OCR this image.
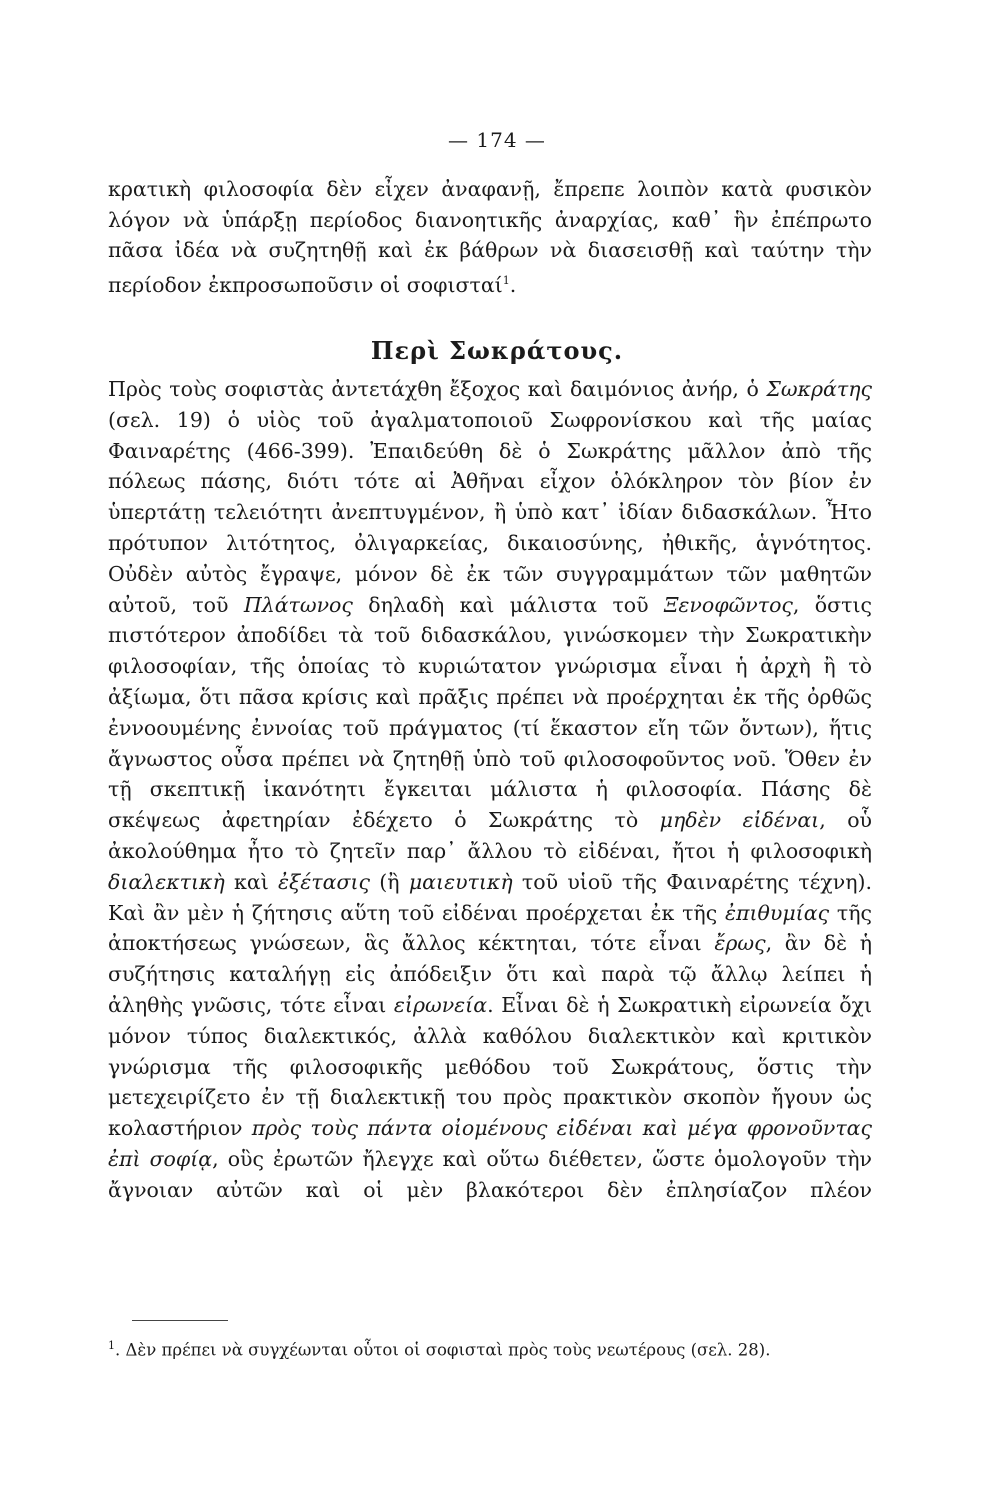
— 174 —

κρατικὴ φιλοσοφία δὲν εἶχεν ἀναφανῇ, ἔπρεπε λοιπὸν κατὰ φυσικὸν λόγον νὰ ὑπάρξῃ περίοδος διανοητικῆς ἀναρχίας, καθ᾽ ἣν ἐπέπρωτο πᾶσα ἰδέα νὰ συζητηθῇ καὶ ἐκ βάθρων νὰ διασεισθῇ καὶ ταύτην τὴν
περίοδον ἐκπροσωποῦσιν οἱ σοφισταί$^1$.

Περὶ Σωκράτους.

Πρὸς τοὺς σοφιστὰς ἀντετάχθη ἔξοχος καὶ δαιμόνιος ἀνήρ, ὁ Σωκράτης (σελ. 19) ὁ υἱὸς τοῦ ἀγαλματοποιοῦ Σωφρονίσκου καὶ τῆς μαίας Φαιναρέτης (466-399). Ἐπαιδεύθη δὲ ὁ Σωκράτης μᾶλλον ἀπὸ τῆς πόλεως πάσης, διότι τότε αἱ Ἀθῆναι εἶχον ὁλόκληρον τὸν βίον ἐν ὑπερτάτῃ τελειότητι ἀνεπτυγμένον, ἢ ὑπὸ κατ᾽ ἰδίαν διδασκάλων. Ἦτο πρότυπον λιτότητος, ὀλιγαρκείας, δικαιοσύνης, ἠθικῆς, ἁγνότητος. Οὐδὲν αὐτὸς ἔγραψε, μόνον δὲ ἐκ τῶν συγγραμμάτων τῶν μαθητῶν αὐτοῦ, τοῦ Πλάτωνος δηλαδὴ καὶ μάλιστα τοῦ Ξενοφῶντος, ὅστις πιστότερον ἀποδίδει τὰ τοῦ διδασκάλου, γινώσκομεν τὴν Σωκρατικὴν φιλοσοφίαν, τῆς ὁποίας τὸ κυριώτατον γνώρισμα εἶναι ἡ ἀρχὴ ἢ τὸ ἀξίωμα, ὅτι πᾶσα κρίσις καὶ πρᾶξις πρέπει νὰ προέρχηται ἐκ τῆς ὀρθῶς ἐννοουμένης ἐννοίας τοῦ πράγματος (τί ἕκαστον εἴη τῶν ὄντων), ἥτις ἄγνωστος οὖσα πρέπει νὰ ζητηθῇ ὑπὸ τοῦ φιλοσοφοῦντος νοῦ. Ὅθεν ἐν τῇ σκεπτικῇ ἱκανότητι ἔγκειται μάλιστα ἡ φιλοσοφία. Πάσης δὲ σκέψεως ἀφετηρίαν ἐδέχετο ὁ Σωκράτης τὸ μηδὲν εἰδέναι, οὗ ἀκολούθημα ἦτο τὸ ζητεῖν παρ᾽ ἄλλου τὸ εἰδέναι, ἤτοι ἡ φιλοσοφικὴ διαλεκτικὴ καὶ ἐξέτασις (ἢ μαιευτικὴ τοῦ υἱοῦ τῆς Φαιναρέτης τέχνη). Καὶ ἂν μὲν ἡ ζήτησις αὕτη τοῦ εἰδέναι προέρχεται ἐκ τῆς ἐπιθυμίας τῆς ἀποκτήσεως γνώσεων, ἃς ἄλλος κέκτηται, τότε εἶναι ἔρως, ἂν δὲ ἡ συζήτησις καταλήγῃ εἰς ἀπόδειξιν ὅτι καὶ παρὰ τῷ ἄλλῳ λείπει ἡ ἀληθὴς γνῶσις, τότε εἶναι εἰρωνεία. Εἶναι δὲ ἡ Σωκρατικὴ εἰρωνεία ὄχι μόνον τύπος διαλεκτικός, ἀλλὰ καθόλου διαλεκτικὸν καὶ κριτικὸν γνώρισμα τῆς φιλοσοφικῆς μεθόδου τοῦ Σωκράτους, ὅστις τὴν μετεχειρίζετο ἐν τῇ διαλεκτικῇ του πρὸς πρακτικὸν σκοπὸν ἤγουν ὡς κολαστήριον πρὸς τοὺς πάντα οἰομένους εἰδέναι καὶ μέγα φρονοῦντας ἐπὶ σοφίᾳ, οὓς ἐρωτῶν ἤλεγχε καὶ οὕτω διέθετεν, ὥστε ὁμολογοῦν τὴν ἄγνοιαν αὐτῶν καὶ οἱ μὲν βλακότεροι δὲν ἐπλησίαζον πλέον

$^1$. Δὲν πρέπει νὰ συγχέωνται οὗτοι οἱ σοφισταὶ πρὸς τοὺς νεωτέρους (σελ. 28).
